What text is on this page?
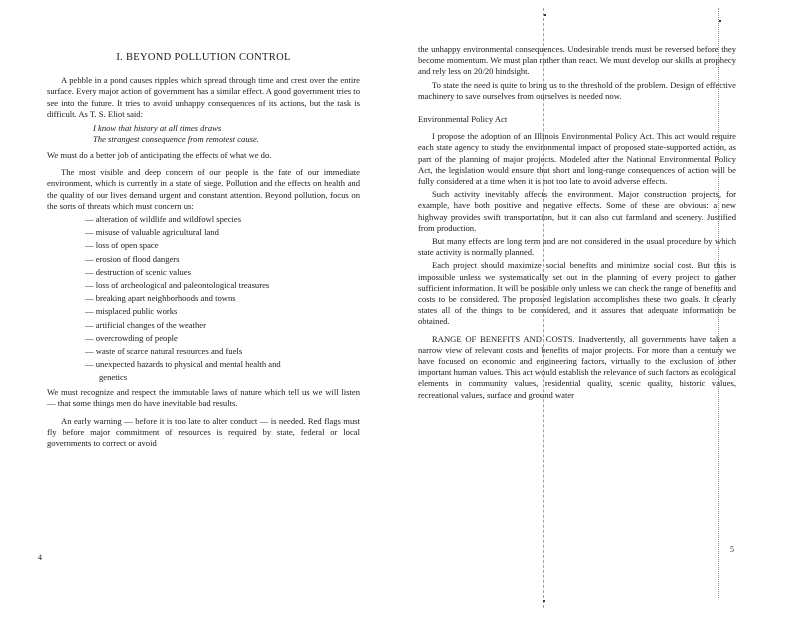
I. BEYOND POLLUTION CONTROL

A pebble in a pond causes ripples which spread through time and crest over the entire surface. Every major action of government has a similar effect. A good government tries to see into the future. It tries to avoid unhappy consequences of its actions, but the task is difficult. As T. S. Eliot said:

I know that history at all times draws
The strangest consequence from remotest cause.

We must do a better job of anticipating the effects of what we do.

The most visible and deep concern of our people is the fate of our immediate environment, which is currently in a state of siege. Pollution and the effects on health and the quality of our lives demand urgent and constant attention. Beyond pollution, focus on the sorts of threats which must concern us:

— alteration of wildlife and wildfowl species
— misuse of valuable agricultural land
— loss of open space
— erosion of flood dangers
— destruction of scenic values
— loss of archeological and paleontological treasures
— breaking apart neighborhoods and towns
— misplaced public works
— artificial changes of the weather
— overcrowding of people
— waste of scarce natural resources and fuels
— unexpected hazards to physical and mental health and
genetics

We must recognize and respect the immutable laws of nature which tell us we will listen — that some things men do have inevitable bad results.

An early warning — before it is too late to alter conduct — is needed. Red flags must fly before major commitment of resources is required by state, federal or local governments to correct or avoid

4

the unhappy environmental consequences. Undesirable trends must be reversed before they become momentum. We must plan rather than react. We must develop our skills at prophecy and rely less on 20/20 hindsight.

To state the need is quite to bring us to the threshold of the problem. Design of effective machinery to save ourselves from ourselves is needed now.

Environmental Policy Act

I propose the adoption of an Illinois Environmental Policy Act. This act would require each state agency to study the environmental impact of proposed state-supported action, as part of the planning of major projects. Modeled after the National Environmental Policy Act, the legislation would ensure that short and long-range consequences of action will be fully considered at a time when it is not too late to avoid adverse effects.

Such activity inevitably affects the environment. Major construction projects, for example, have both positive and negative effects. Some of these are obvious: a new highway provides swift transportation, but it can also cut farmland and scenery. Justified from production.

But many effects are long term and are not considered in the usual procedure by which state activity is normally planned.

Each project should maximize social benefits and minimize social cost. But this is impossible unless we systematically set out in the planning of every project to gather sufficient information. It will be possible only unless we can check the range of benefits and costs to be considered. The proposed legislation accomplishes these two goals. It clearly states all of the things to be considered, and it assures that adequate information be obtained.

RANGE OF BENEFITS AND COSTS. Inadvertently, all governments have taken a narrow view of relevant costs and benefits of major projects. For more than a century we have focused on economic and engineering factors, virtually to the exclusion of other important human values. This act would establish the relevance of such factors as ecological elements in community values, residential quality, scenic quality, historic values, recreational values, surface and ground water

5
